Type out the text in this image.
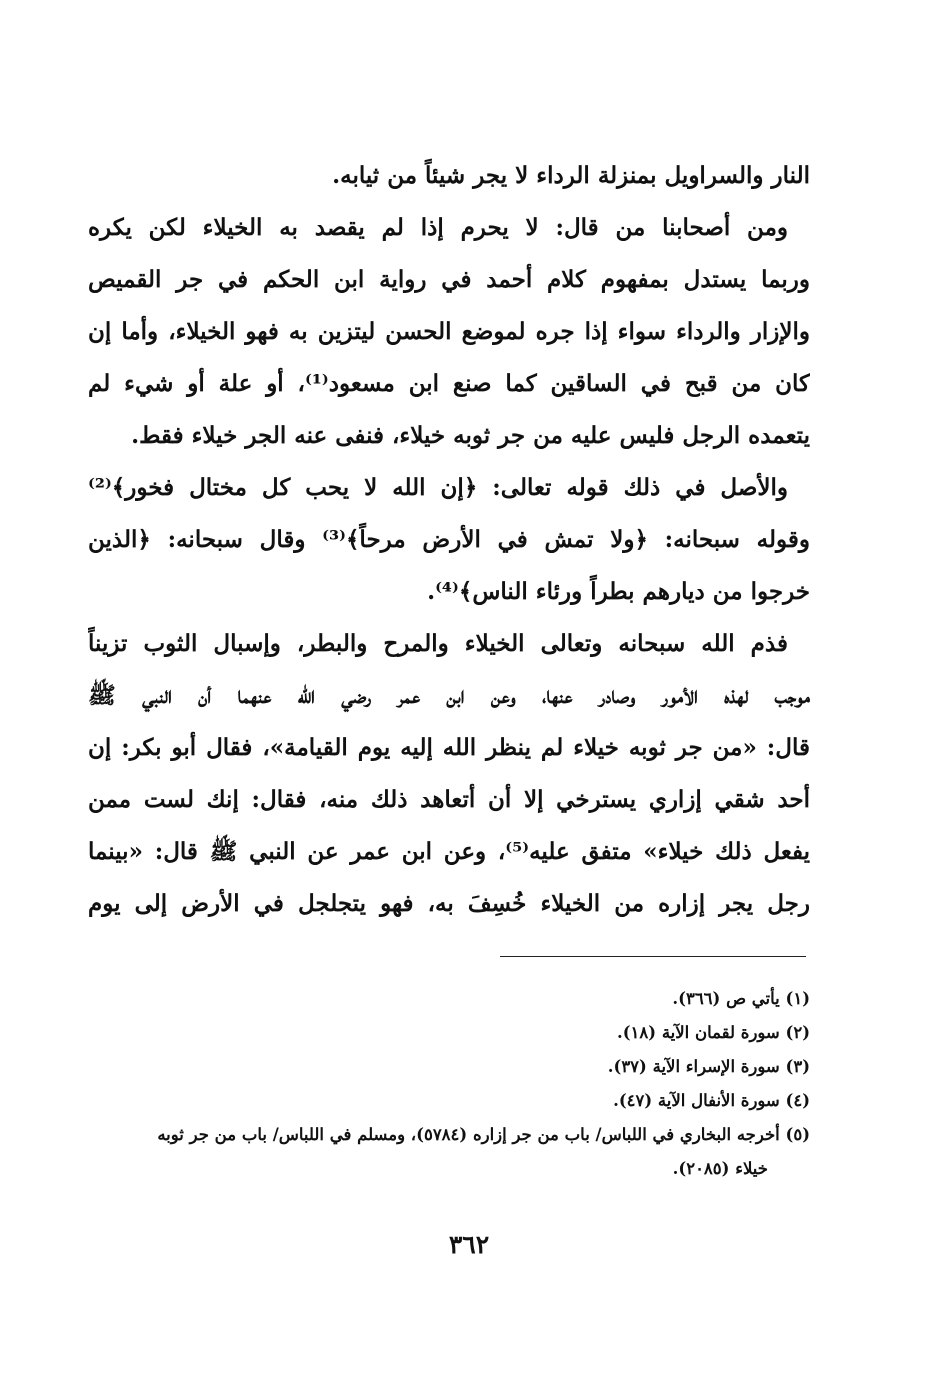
النار والسراويل بمنزلة الرداء لا يجر شيئاً من ثيابه.
ومن أصحابنا من قال: لا يحرم إذا لم يقصد به الخيلاء لكن يكره
وربما يستدل بمفهوم كلام أحمد في رواية ابن الحكم في جر القميص
والإزار والرداء سواء إذا جره لموضع الحسن ليتزين به فهو الخيلاء، وأما إن
كان من قبح في الساقين كما صنع ابن مسعود⁽¹⁾، أو علة أو شيء لم
يتعمده الرجل فليس عليه من جر ثوبه خيلاء، فنفى عنه الجر خيلاء فقط.
والأصل في ذلك قوله تعالى: ﴿إن الله لا يحب كل مختال فخور﴾⁽²⁾
وقوله سبحانه: ﴿ولا تمش في الأرض مرحاً﴾⁽³⁾ وقال سبحانه: ﴿الذين
خرجوا من ديارهم بطراً ورئاء الناس﴾⁽⁴⁾.
فذم الله سبحانه وتعالى الخيلاء والمرح والبطر، وإسبال الثوب تزيناً
موجب لهذه الأمور وصادر عنها، وعن ابن عمر رضي الله عنهما أن النبي ﷺ
قال: «من جر ثوبه خيلاء لم ينظر الله إليه يوم القيامة»، فقال أبو بكر: إن
أحد شقي إزاري يسترخي إلا أن أتعاهد ذلك منه، فقال: إنك لست ممن
يفعل ذلك خيلاء» متفق عليه⁽⁵⁾، وعن ابن عمر عن النبي ﷺ قال: «بينما
رجل يجر إزاره من الخيلاء خُسِفَ به، فهو يتجلجل في الأرض إلى يوم
(١) يأتي ص (٣٦٦).
(٢) سورة لقمان الآية (١٨).
(٣) سورة الإسراء الآية (٣٧).
(٤) سورة الأنفال الآية (٤٧).
(٥) أخرجه البخاري في اللباس/ باب من جر إزاره (٥٧٨٤)، ومسلم في اللباس/ باب من جر ثوبه
خيلاء (٢٠٨٥).
٣٦٢
